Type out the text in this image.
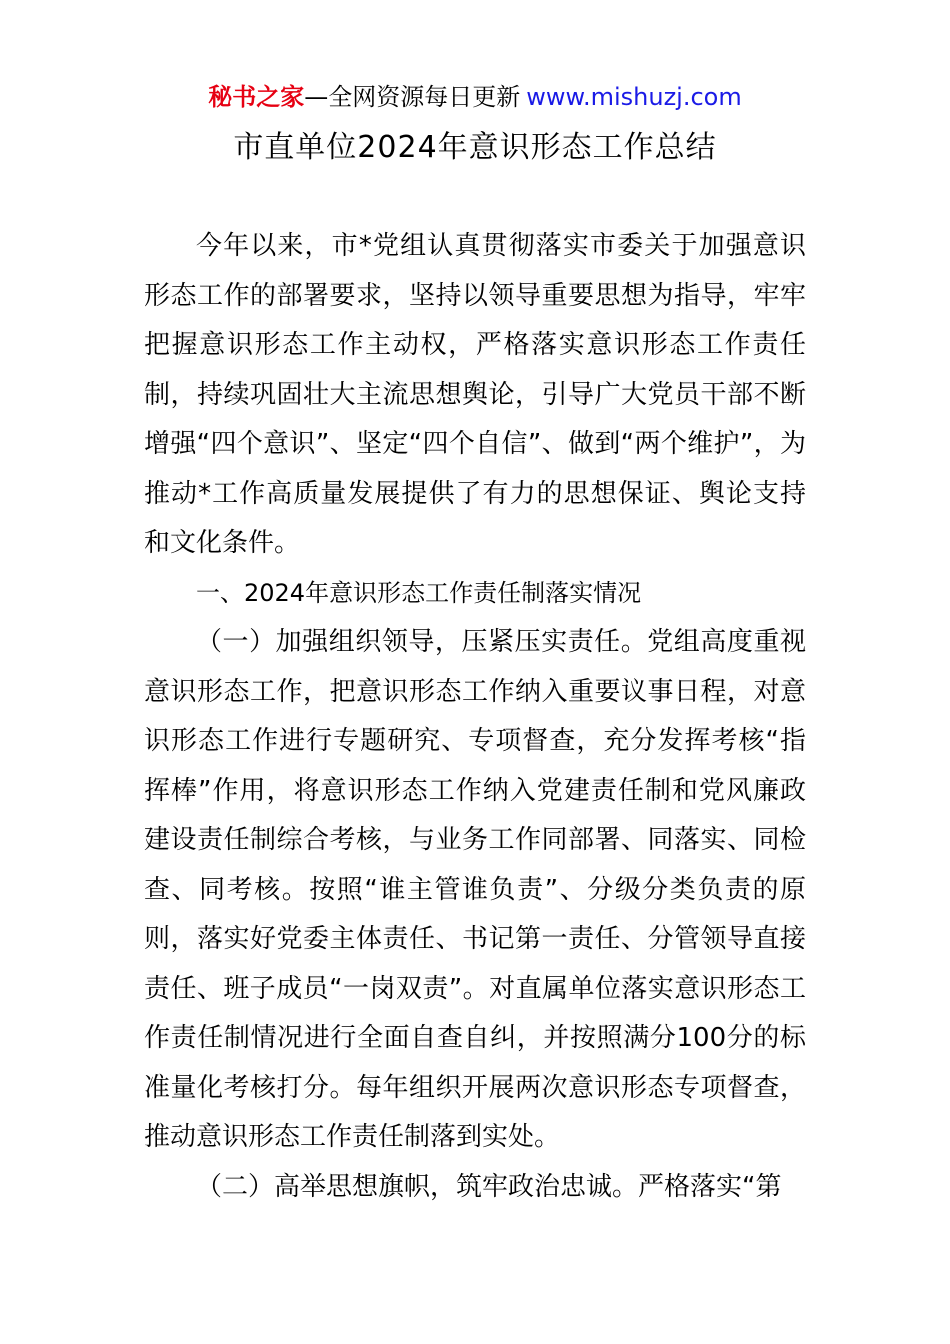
秘书之家—全网资源每日更新 www.mishuzj.com
市直单位2024年意识形态工作总结

今年以来，市*党组认真贯彻落实市委关于加强意识形态工作的部署要求，坚持以领导重要思想为指导，牢牢把握意识形态工作主动权，严格落实意识形态工作责任制，持续巩固壮大主流思想舆论，引导广大党员干部不断增强“四个意识”、坚定“四个自信”、做到“两个维护”，为推动*工作高质量发展提供了有力的思想保证、舆论支持和文化条件。

一、2024年意识形态工作责任制落实情况

（一）加强组织领导，压紧压实责任。党组高度重视意识形态工作，把意识形态工作纳入重要议事日程，对意识形态工作进行专题研究、专项督查，充分发挥考核“指挥棒”作用，将意识形态工作纳入党建责任制和党风廉政建设责任制综合考核，与业务工作同部署、同落实、同检查、同考核。按照“谁主管谁负责”、分级分类负责的原则，落实好党委主体责任、书记第一责任、分管领导直接责任、班子成员“一岗双责”。对直属单位落实意识形态工作责任制情况进行全面自查自纠，并按照满分100分的标准量化考核打分。每年组织开展两次意识形态专项督查，推动意识形态工作责任制落到实处。

（二）高举思想旗帜，筑牢政治忠诚。严格落实“第
